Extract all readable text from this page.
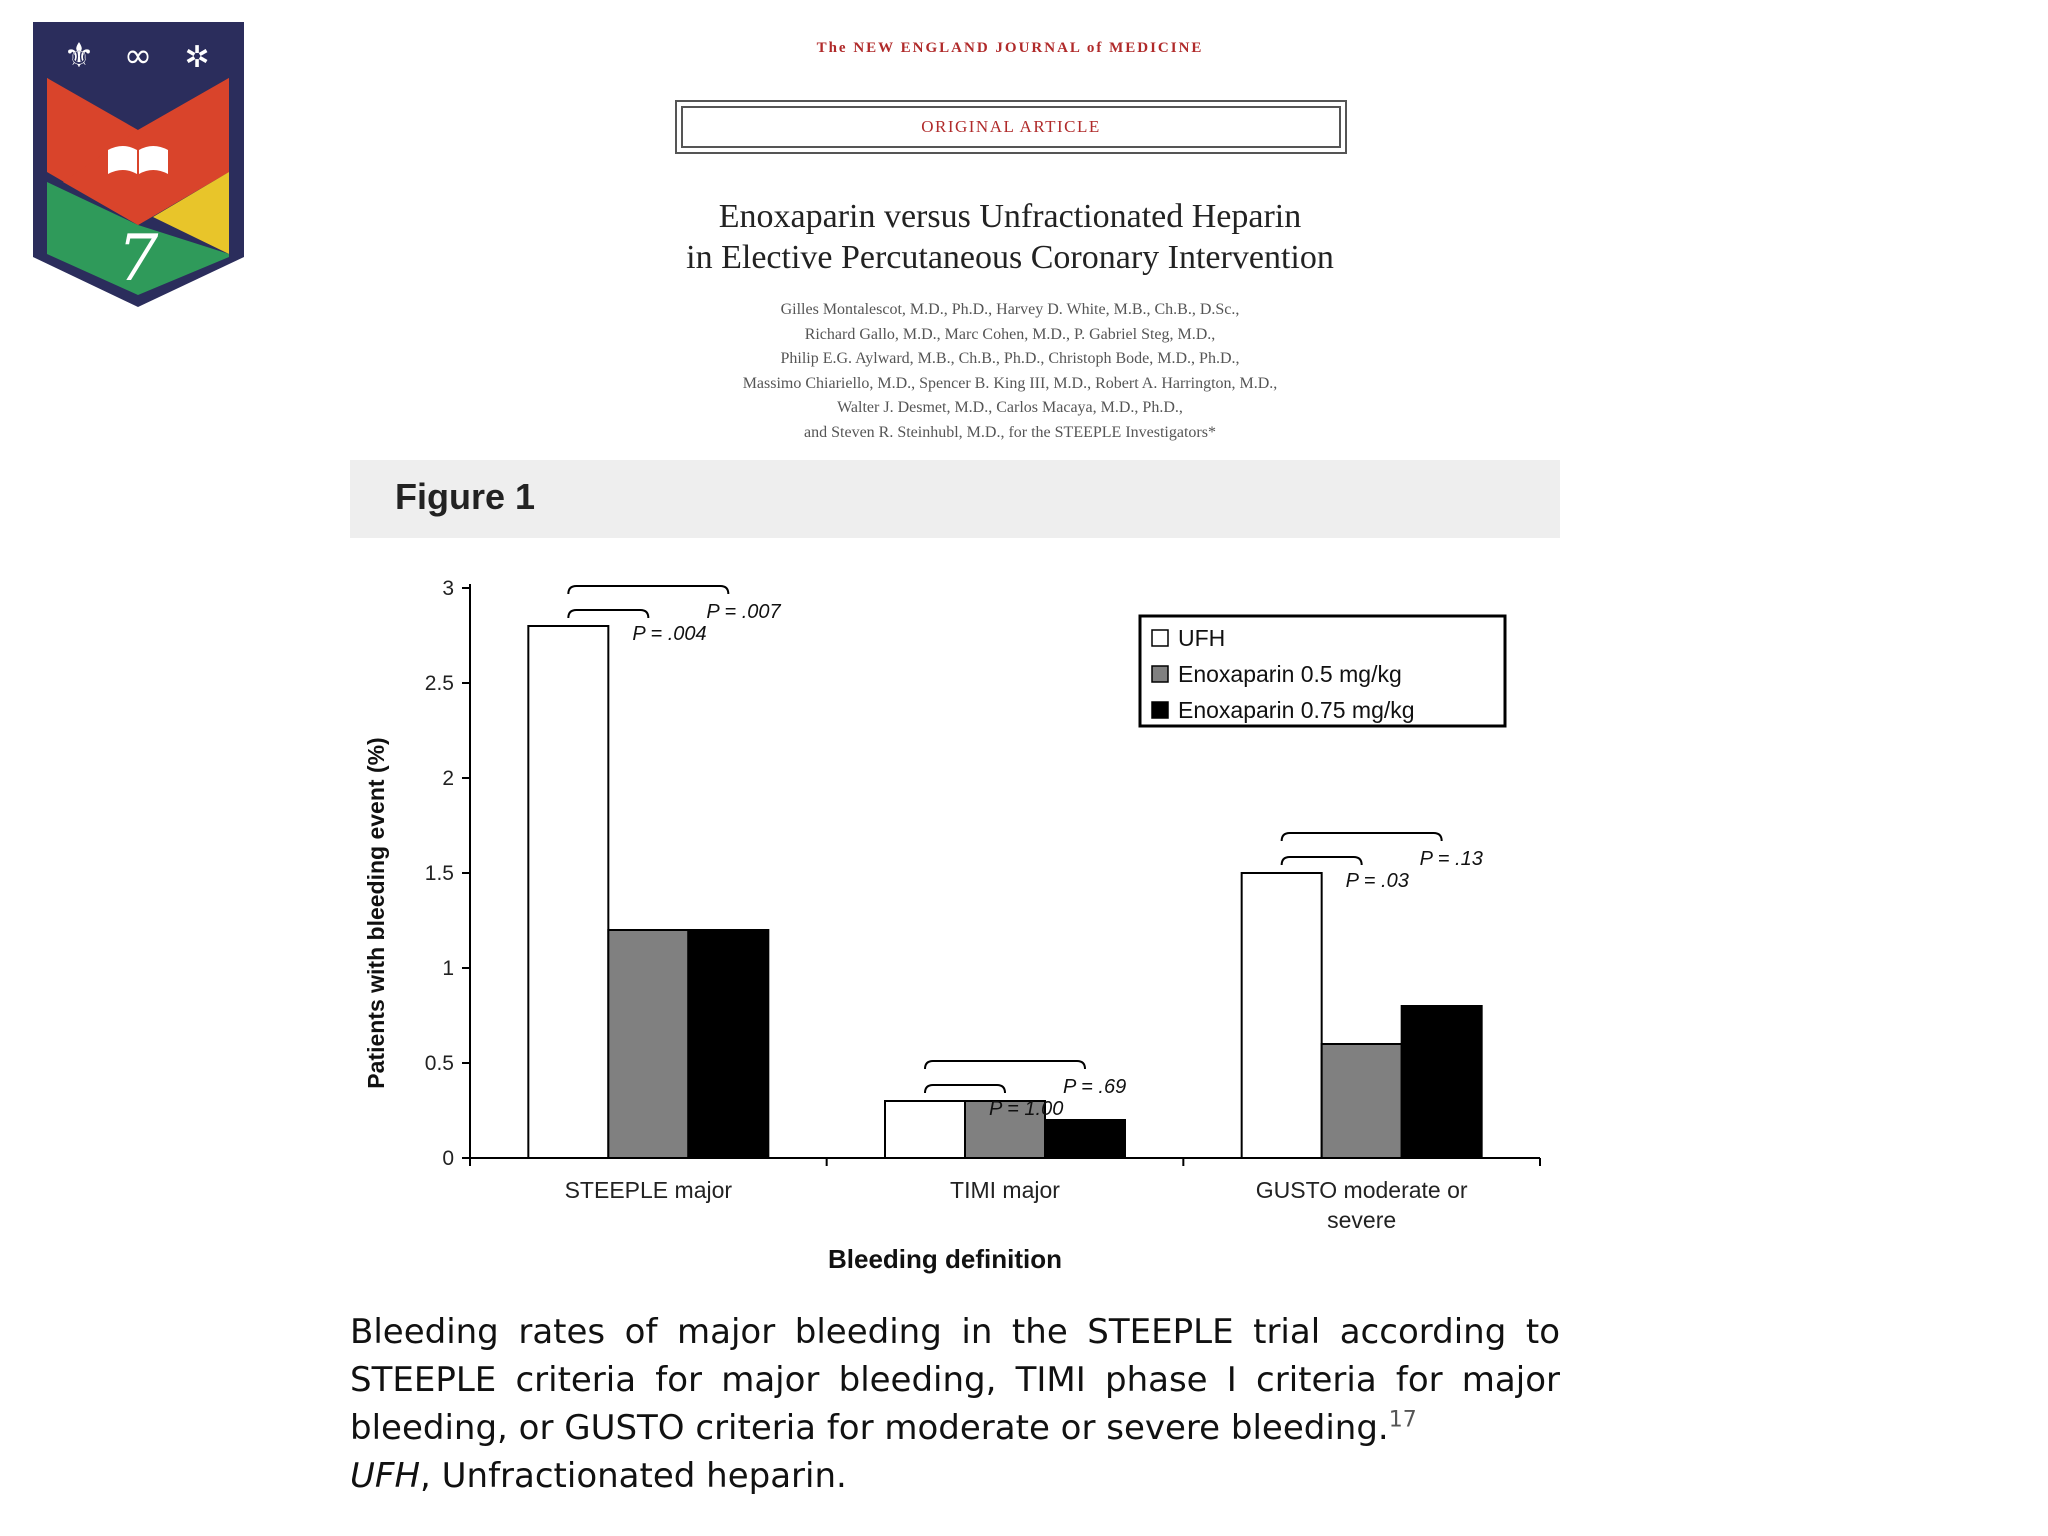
⚜ ∞ ✲
7
The NEW ENGLAND JOURNAL of MEDICINE
ORIGINAL ARTICLE
Enoxaparin versus Unfractionated Heparin
in Elective Percutaneous Coronary Intervention
Gilles Montalescot, M.D., Ph.D., Harvey D. White, M.B., Ch.B., D.Sc.,
Richard Gallo, M.D., Marc Cohen, M.D., P. Gabriel Steg, M.D.,
Philip E.G. Aylward, M.B., Ch.B., Ph.D., Christoph Bode, M.D., Ph.D.,
Massimo Chiariello, M.D., Spencer B. King III, M.D., Robert A. Harrington, M.D.,
Walter J. Desmet, M.D., Carlos Macaya, M.D., Ph.D.,
and Steven R. Steinhubl, M.D., for the STEEPLE Investigators*
Figure 1
0
0.5
1
1.5
2
2.5
3
STEEPLE major	TIMI major	GUSTO moderate or
severe
Bleeding definition
Patients with bleeding event (%)
P = .004
P = .007
P = 1.00
P = .69
P = .03
P = .13
UFH
Enoxaparin 0.5 mg/kg
Enoxaparin 0.75 mg/kg
Bleeding rates of major bleeding in the STEEPLE trial according to STEEPLE criteria for major bleeding, TIMI phase I criteria for major bleeding, or GUSTO criteria for moderate or severe bleeding.$^{17}$
UFH, Unfractionated heparin.
